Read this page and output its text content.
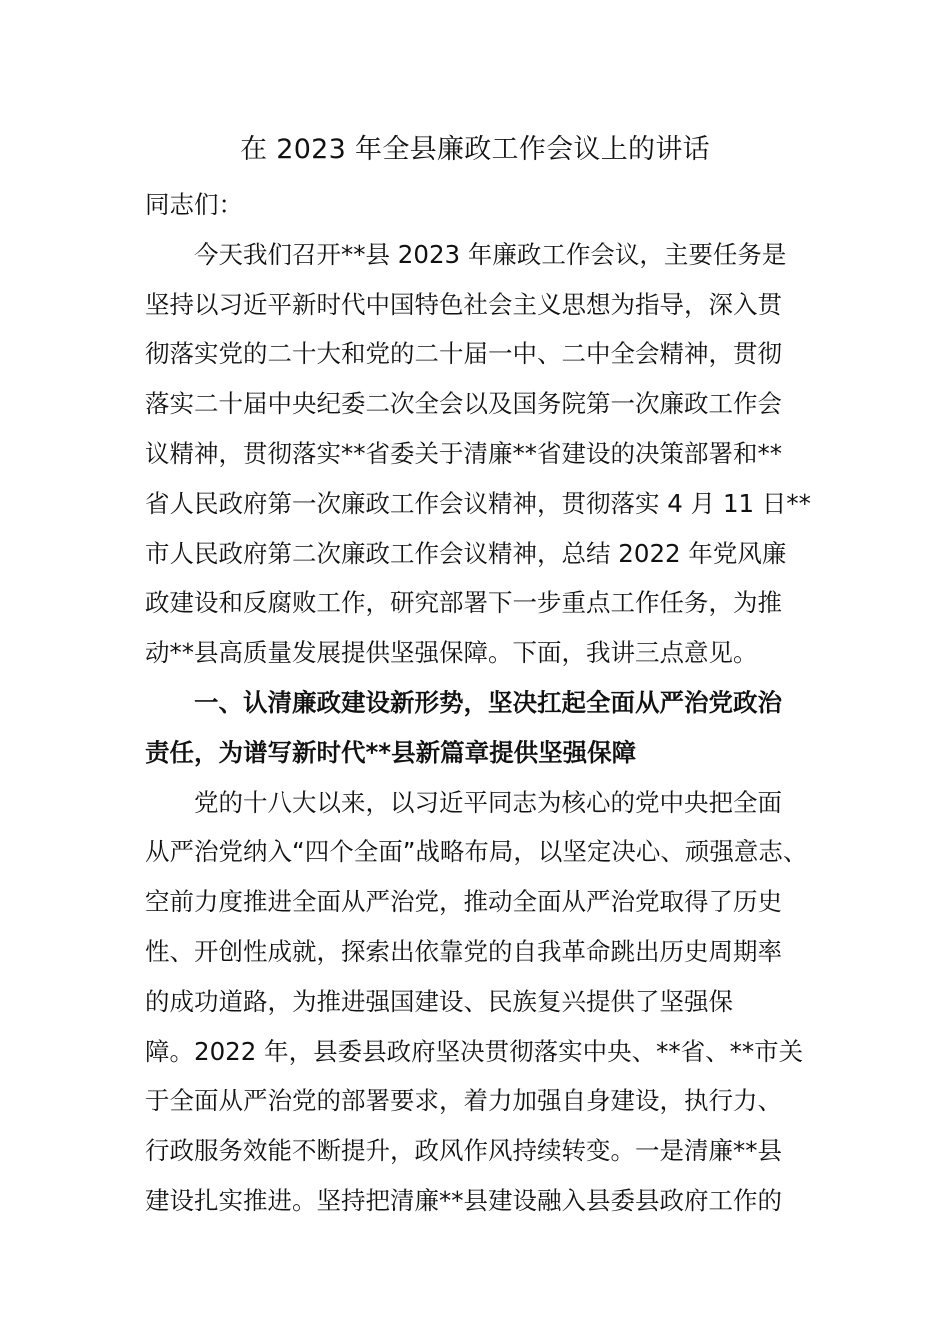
在 2023 年全县廉政工作会议上的讲话
同志们：
今天我们召开**县 2023 年廉政工作会议，主要任务是
坚持以习近平新时代中国特色社会主义思想为指导，深入贯
彻落实党的二十大和党的二十届一中、二中全会精神，贯彻
落实二十届中央纪委二次全会以及国务院第一次廉政工作会
议精神，贯彻落实**省委关于清廉**省建设的决策部署和**
省人民政府第一次廉政工作会议精神，贯彻落实 4 月 11 日**
市人民政府第二次廉政工作会议精神，总结 2022 年党风廉
政建设和反腐败工作，研究部署下一步重点工作任务，为推
动**县高质量发展提供坚强保障。下面，我讲三点意见。
一、认清廉政建设新形势，坚决扛起全面从严治党政治
责任，为谱写新时代**县新篇章提供坚强保障
党的十八大以来，以习近平同志为核心的党中央把全面
从严治党纳入“四个全面”战略布局，以坚定决心、顽强意志、
空前力度推进全面从严治党，推动全面从严治党取得了历史
性、开创性成就，探索出依靠党的自我革命跳出历史周期率
的成功道路，为推进强国建设、民族复兴提供了坚强保
障。2022 年，县委县政府坚决贯彻落实中央、**省、**市关
于全面从严治党的部署要求，着力加强自身建设，执行力、
行政服务效能不断提升，政风作风持续转变。一是清廉**县
建设扎实推进。坚持把清廉**县建设融入县委县政府工作的
